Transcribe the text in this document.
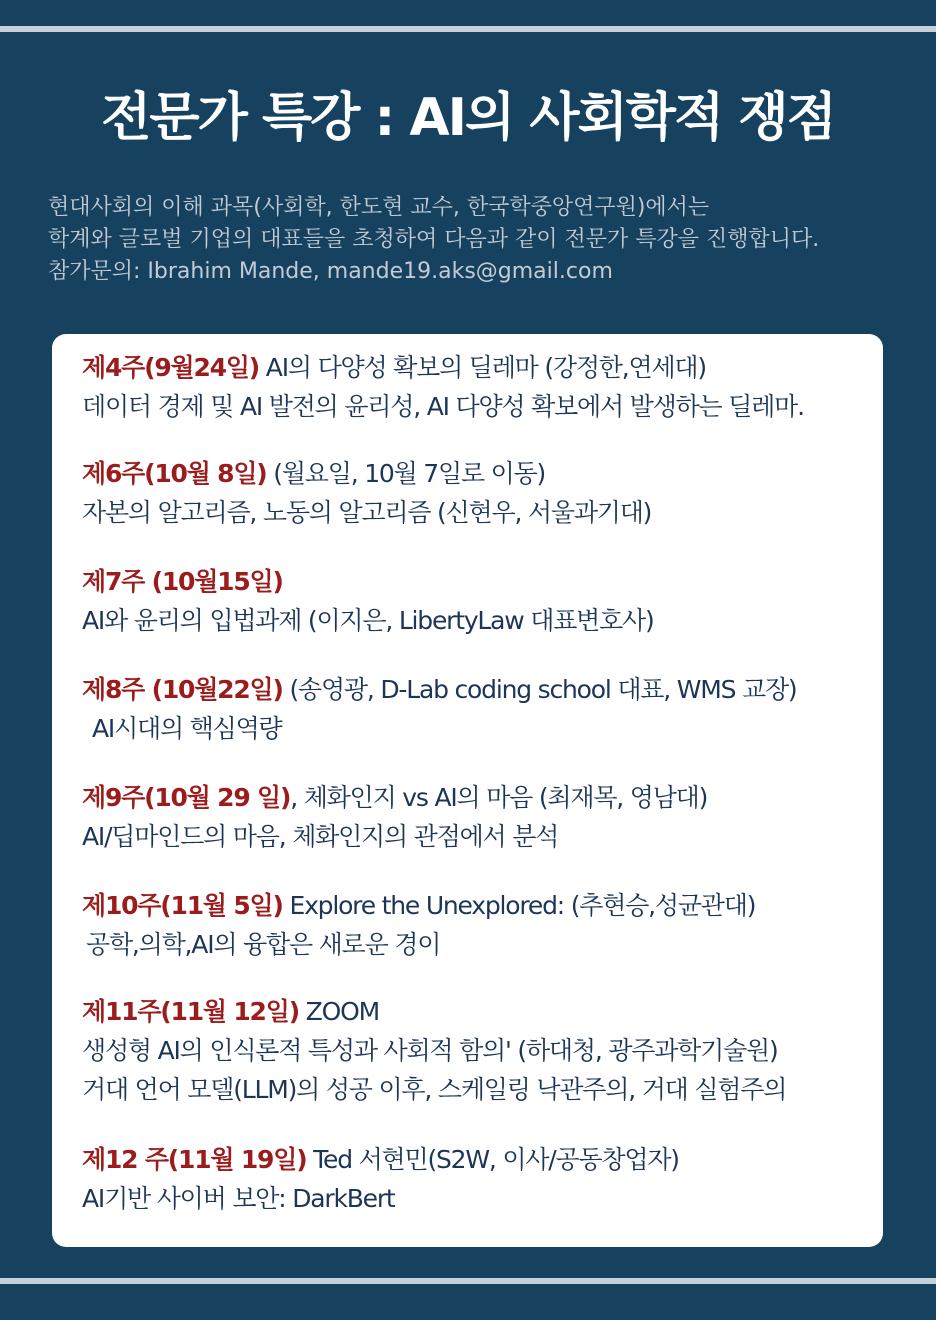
전문가 특강 : AI의 사회학적 쟁점
현대사회의 이해 과목(사회학, 한도현 교수, 한국학중앙연구원)에서는
학계와 글로벌 기업의 대표들을 초청하여 다음과 같이 전문가 특강을 진행합니다.
참가문의: Ibrahim Mande, mande19.aks@gmail.com
제4주(9월24일) AI의 다양성 확보의 딜레마 (강정한,연세대)
데이터 경제 및 AI 발전의 윤리성, AI 다양성 확보에서 발생하는 딜레마.
제6주(10월 8일) (월요일, 10월 7일로 이동)
자본의 알고리즘, 노동의 알고리즘 (신현우, 서울과기대)
제7주 (10월15일)
AI와 윤리의 입법과제 (이지은, LibertyLaw 대표변호사)
제8주 (10월22일) (송영광, D-Lab coding school 대표, WMS 교장)
AI시대의 핵심역량
제9주(10월 29 일), 체화인지 vs AI의 마음 (최재목, 영남대)
AI/딥마인드의 마음, 체화인지의 관점에서 분석
제10주(11월 5일) Explore the Unexplored: (추현승,성균관대)
공학,의학,AI의 융합은 새로운 경이
제11주(11월 12일) ZOOM
생성형 AI의 인식론적 특성과 사회적 함의' (하대청, 광주과학기술원)
거대 언어 모델(LLM)의 성공 이후, 스케일링 낙관주의, 거대 실험주의
제12 주(11월 19일) Ted 서현민(S2W, 이사/공동창업자)
AI기반 사이버 보안: DarkBert
